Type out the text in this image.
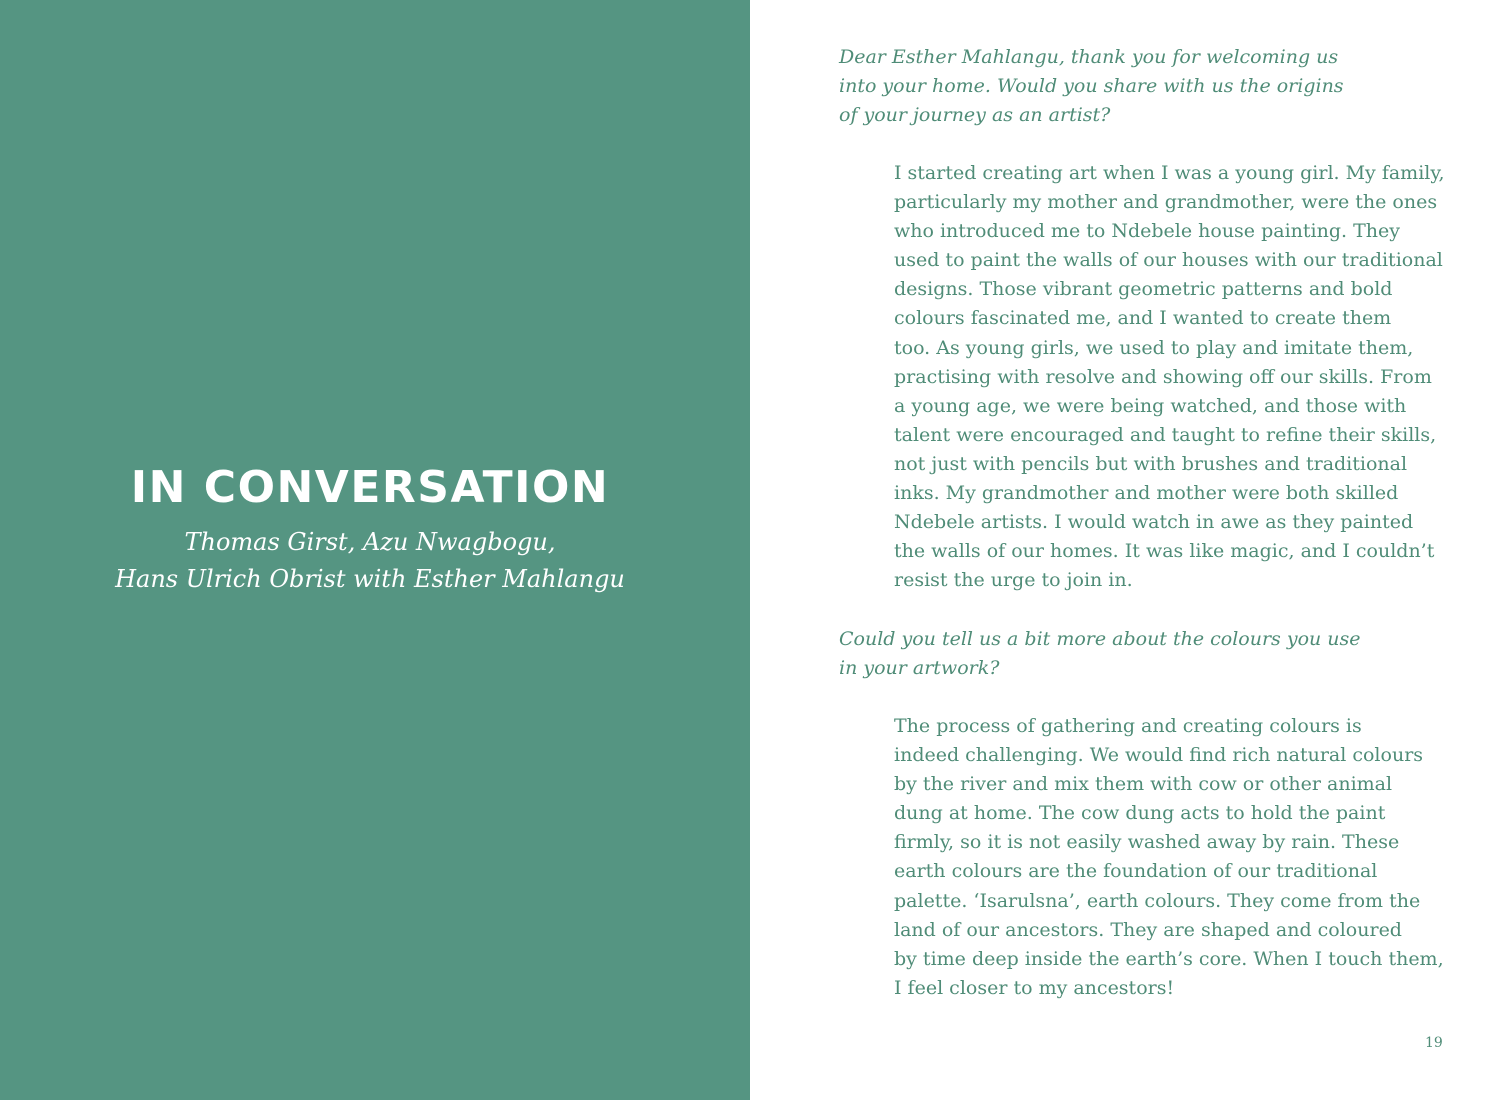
IN CONVERSATION
Thomas Girst, Azu Nwagbogu,
Hans Ulrich Obrist with Esther Mahlangu
Dear Esther Mahlangu, thank you for welcoming us
into your home. Would you share with us the origins
of your journey as an artist?
I started creating art when I was a young girl. My family,
particularly my mother and grandmother, were the ones
who introduced me to Ndebele house painting. They
used to paint the walls of our houses with our traditional
designs. Those vibrant geometric patterns and bold
colours fascinated me, and I wanted to create them
too. As young girls, we used to play and imitate them,
practising with resolve and showing off our skills. From
a young age, we were being watched, and those with
talent were encouraged and taught to refine their skills,
not just with pencils but with brushes and traditional
inks. My grandmother and mother were both skilled
Ndebele artists. I would watch in awe as they painted
the walls of our homes. It was like magic, and I couldn’t
resist the urge to join in.
Could you tell us a bit more about the colours you use
in your artwork?
The process of gathering and creating colours is
indeed challenging. We would find rich natural colours
by the river and mix them with cow or other animal
dung at home. The cow dung acts to hold the paint
firmly, so it is not easily washed away by rain. These
earth colours are the foundation of our traditional
palette. ‘Isarulsna’, earth colours. They come from the
land of our ancestors. They are shaped and coloured
by time deep inside the earth’s core. When I touch them,
I feel closer to my ancestors!
19
